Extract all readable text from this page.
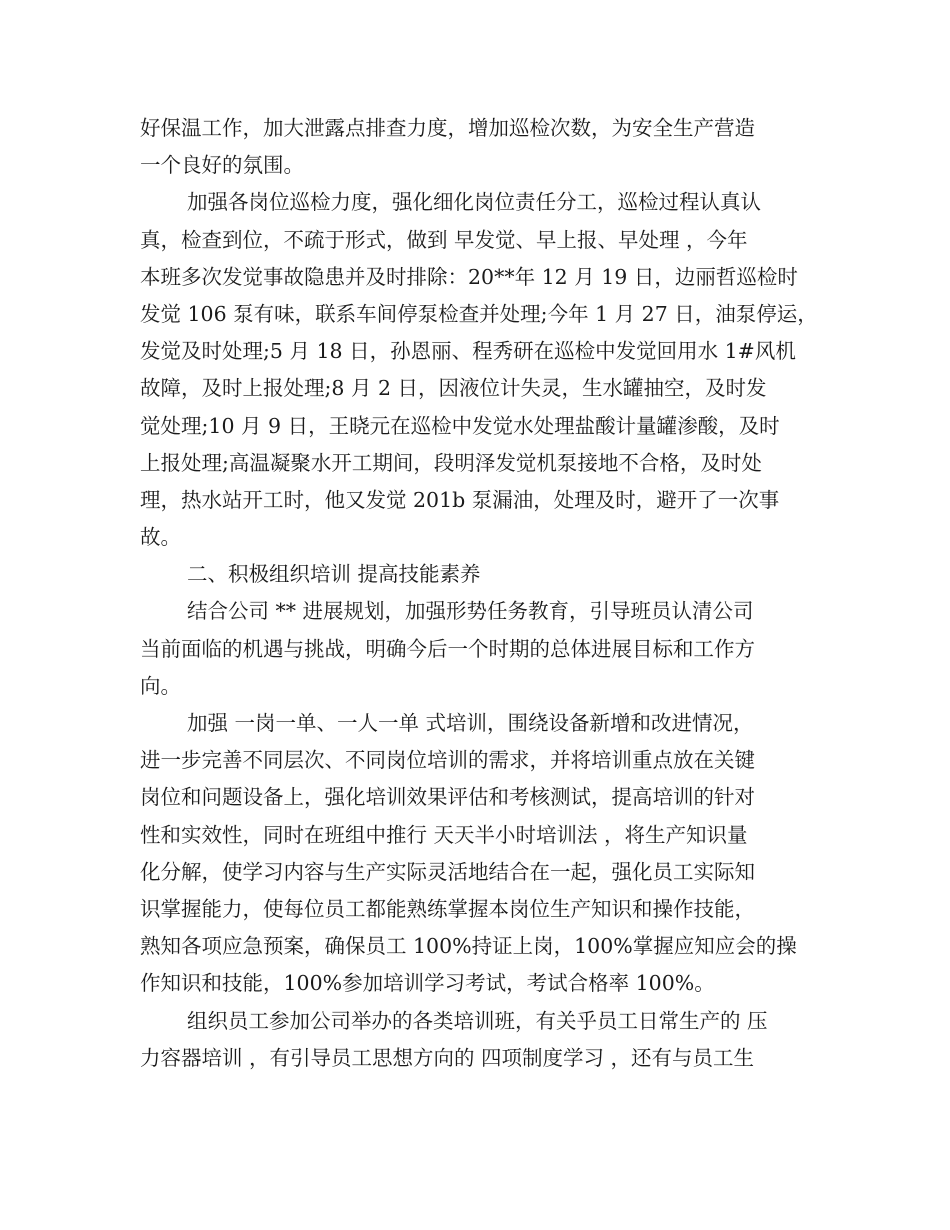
好保温工作，加大泄露点排查力度，增加巡检次数，为安全生产营造
一个良好的氛围。
加强各岗位巡检力度，强化细化岗位责任分工，巡检过程认真认
真，检查到位，不疏于形式，做到 早发觉、早上报、早处理 ，今年
本班多次发觉事故隐患并及时排除：20**年 12 月 19 日，边丽哲巡检时
发觉 106 泵有味，联系车间停泵检查并处理;今年 1 月 27 日，油泵停运，
发觉及时处理;5 月 18 日，孙恩丽、程秀研在巡检中发觉回用水 1#风机
故障，及时上报处理;8 月 2 日，因液位计失灵，生水罐抽空，及时发
觉处理;10 月 9 日，王晓元在巡检中发觉水处理盐酸计量罐渗酸，及时
上报处理;高温凝聚水开工期间，段明泽发觉机泵接地不合格，及时处
理，热水站开工时，他又发觉 201b 泵漏油，处理及时，避开了一次事
故。
二、积极组织培训 提高技能素养
结合公司 ** 进展规划，加强形势任务教育，引导班员认清公司
当前面临的机遇与挑战，明确今后一个时期的总体进展目标和工作方
向。
加强 一岗一单、一人一单 式培训，围绕设备新增和改进情况，
进一步完善不同层次、不同岗位培训的需求，并将培训重点放在关键
岗位和问题设备上，强化培训效果评估和考核测试，提高培训的针对
性和实效性，同时在班组中推行 天天半小时培训法 ，将生产知识量
化分解，使学习内容与生产实际灵活地结合在一起，强化员工实际知
识掌握能力，使每位员工都能熟练掌握本岗位生产知识和操作技能，
熟知各项应急预案，确保员工 100%持证上岗，100%掌握应知应会的操
作知识和技能，100%参加培训学习考试，考试合格率 100%。
组织员工参加公司举办的各类培训班，有关乎员工日常生产的 压
力容器培训 ，有引导员工思想方向的 四项制度学习 ，还有与员工生
